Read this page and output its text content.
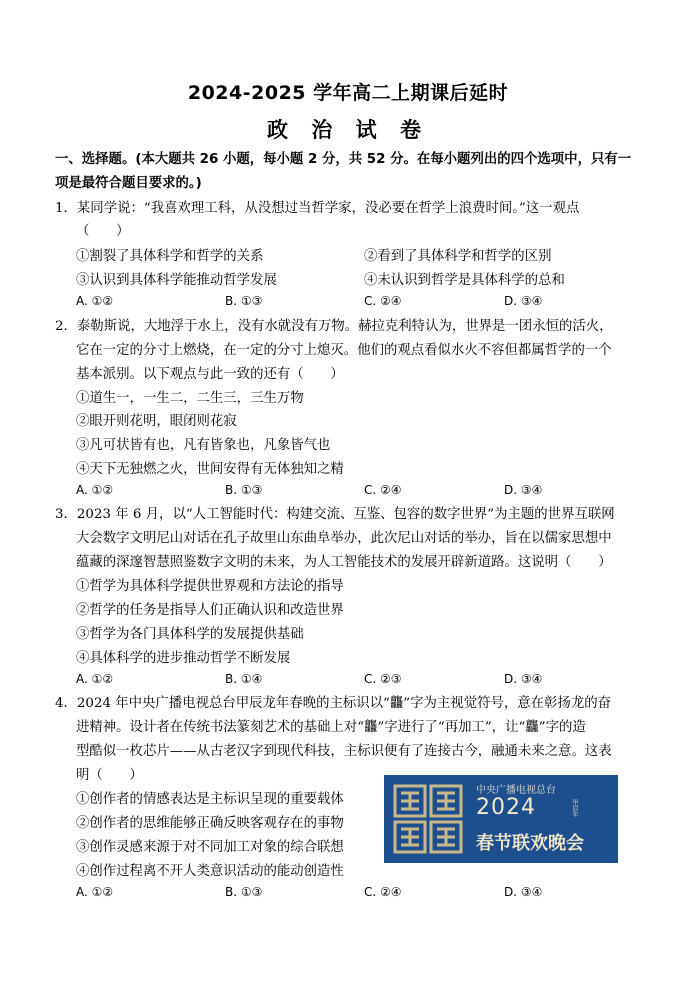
2024-2025 学年高二上期课后延时
政 治 试 卷
一、选择题。(本大题共 26 小题，每小题 2 分，共 52 分。在每小题列出的四个选项中，只有一
项是最符合题目要求的。)
1．某同学说：“我喜欢理工科，从没想过当哲学家，没必要在哲学上浪费时间。”这一观点
（　　）
①割裂了具体科学和哲学的关系	②看到了具体科学和哲学的区别
③认识到具体科学能推动哲学发展	④未认识到哲学是具体科学的总和
A. ①②	B. ①③	C. ②④	D. ③④
2．泰勒斯说，大地浮于水上，没有水就没有万物。赫拉克利特认为，世界是一团永恒的活火，
它在一定的分寸上燃烧，在一定的分寸上熄灭。他们的观点看似水火不容但都属哲学的一个
基本派别。以下观点与此一致的还有（　　）
①道生一，一生二，二生三，三生万物
②眼开则花明，眼闭则花寂
③凡可状皆有也，凡有皆象也，凡象皆气也
④天下无独燃之火，世间安得有无体独知之精
A. ①②	B. ①③	C. ②④	D. ③④
3．2023 年 6 月，以“人工智能时代：构建交流、互鉴、包容的数字世界”为主题的世界互联网
大会数字文明尼山对话在孔子故里山东曲阜举办，此次尼山对话的举办，旨在以儒家思想中
蕴藏的深邃智慧照鉴数字文明的未来，为人工智能技术的发展开辟新道路。这说明（　　）
①哲学为具体科学提供世界观和方法论的指导
②哲学的任务是指导人们正确认识和改造世界
③哲学为各门具体科学的发展提供基础
④具体科学的进步推动哲学不断发展
A. ①②	B. ①④	C. ②③	D. ③④
4．2024 年中央广播电视总台甲辰龙年春晚的主标识以“龘”字为主视觉符号，意在彰扬龙的奋
进精神。设计者在传统书法篆刻艺术的基础上对“龘”字进行了“再加工”，让“龘”字的造
型酷似一枚芯片——从古老汉字到现代科技，主标识便有了连接古今，融通未来之意。这表
明（　　）
①创作者的情感表达是主标识呈现的重要载体
②创作者的思维能够正确反映客观存在的事物
③创作灵感来源于对不同加工对象的综合联想
④创作过程离不开人类意识活动的能动创造性
A. ①②	B. ①③	C. ②④	D. ③④
中央广播电视总台
2024	甲辰年
春节联欢晚会
